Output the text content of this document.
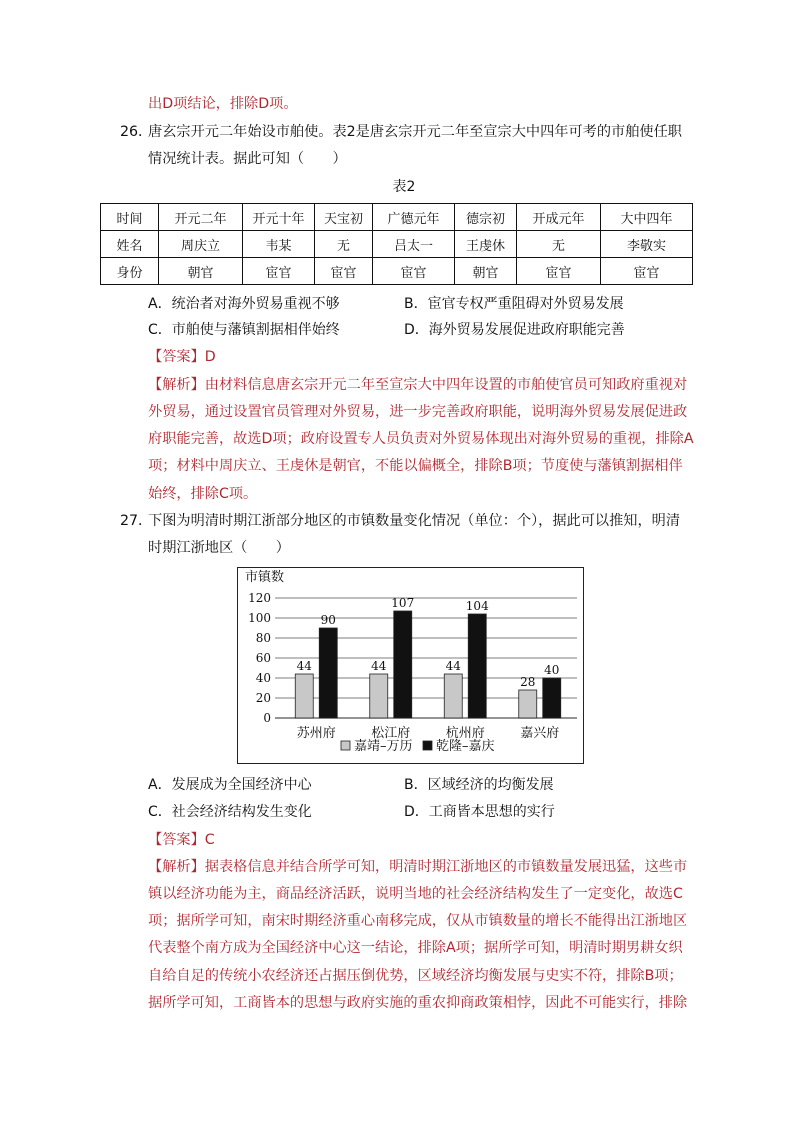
出D项结论，排除D项。
26．
唐玄宗开元二年始设市舶使。表2是唐玄宗开元二年至宣宗大中四年可考的市舶使任职
情况统计表。据此可知（　　）
表2
时间	开元二年	开元十年	天宝初	广德元年	德宗初	开成元年	大中四年
姓名	周庆立	韦某	无	吕太一	王虔休	无	李敬实
身份	朝官	宦官	宦官	宦官	朝官	宦官	宦官
A．统治者对海外贸易重视不够	B．宦官专权严重阻碍对外贸易发展
C．市舶使与藩镇割据相伴始终	D．海外贸易发展促进政府职能完善
【答案】D
【解析】由材料信息唐玄宗开元二年至宣宗大中四年设置的市舶使官员可知政府重视对
外贸易，通过设置官员管理对外贸易，进一步完善政府职能，说明海外贸易发展促进政
府职能完善，故选D项；政府设置专人员负责对外贸易体现出对海外贸易的重视，排除A
项；材料中周庆立、王虔休是朝官，不能以偏概全，排除B项；节度使与藩镇割据相伴
始终，排除C项。
27．
下图为明清时期江浙部分地区的市镇数量变化情况（单位：个），据此可以推知，明清
时期江浙地区（　　）
市镇数
0
20
40
60
80
100
120
44
90
苏州府
44
107
松江府
44
104
杭州府
28
40
嘉兴府
嘉靖–万历 乾隆–嘉庆
A．发展成为全国经济中心	B．区域经济的均衡发展
C．社会经济结构发生变化	D．工商皆本思想的实行
【答案】C
【解析】据表格信息并结合所学可知，明清时期江浙地区的市镇数量发展迅猛，这些市
镇以经济功能为主，商品经济活跃，说明当地的社会经济结构发生了一定变化，故选C
项；据所学可知，南宋时期经济重心南移完成，仅从市镇数量的增长不能得出江浙地区
代表整个南方成为全国经济中心这一结论，排除A项；据所学可知，明清时期男耕女织
自给自足的传统小农经济还占据压倒优势，区域经济均衡发展与史实不符，排除B项；
据所学可知，工商皆本的思想与政府实施的重农抑商政策相悖，因此不可能实行，排除
